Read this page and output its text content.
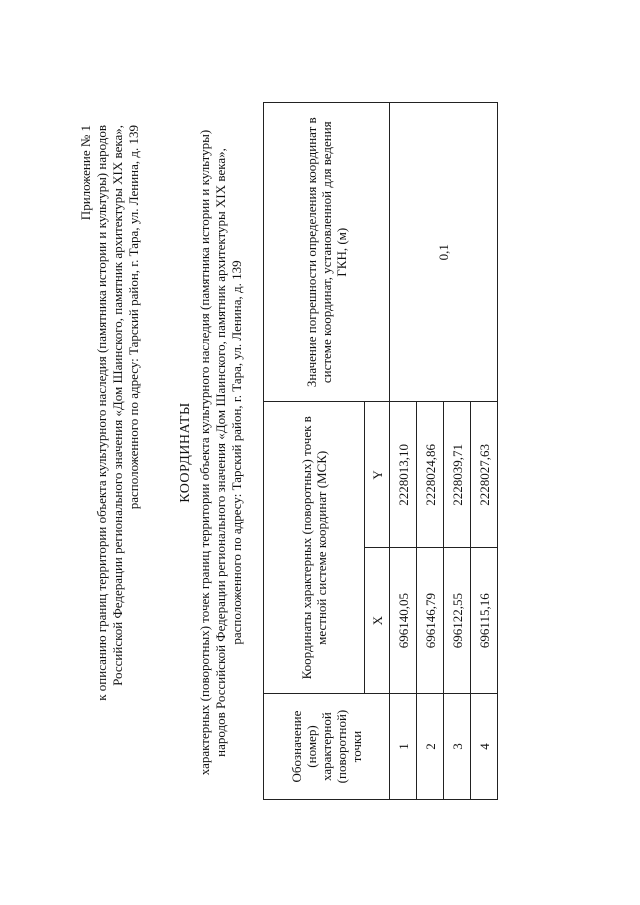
Приложение № 1 к описанию границ территории объекта культурного наследия (памятника истории и культуры) народов Российской Федерации регионального значения «Дом Шаинского, памятник архитектуры XIX века», расположенного по адресу: Тарский район, г. Тара, ул. Ленина, д. 139	КООРДИНАТЫ характерных (поворотных) точек границ территории объекта культурного наследия (памятника истории и культуры) народов Российской Федерации регионального значения «Дом Шаинского, памятник архитектуры XIX века», расположенного по адресу: Тарский район, г. Тара, ул. Ленина, д. 139
Обозначение (номер) характерной (поворотной) точки	Координаты характерных (поворотных) точек в местной системе координат (МСК)		Значение погрешности определения координат в системе координат, установленной для ведения ГКН, (м)
	X	Y	
1	696140,05	2228013,10	0,1
2	696146,79	2228024,86	
3	696122,55	2228039,71	
4	696115,16	2228027,63	
